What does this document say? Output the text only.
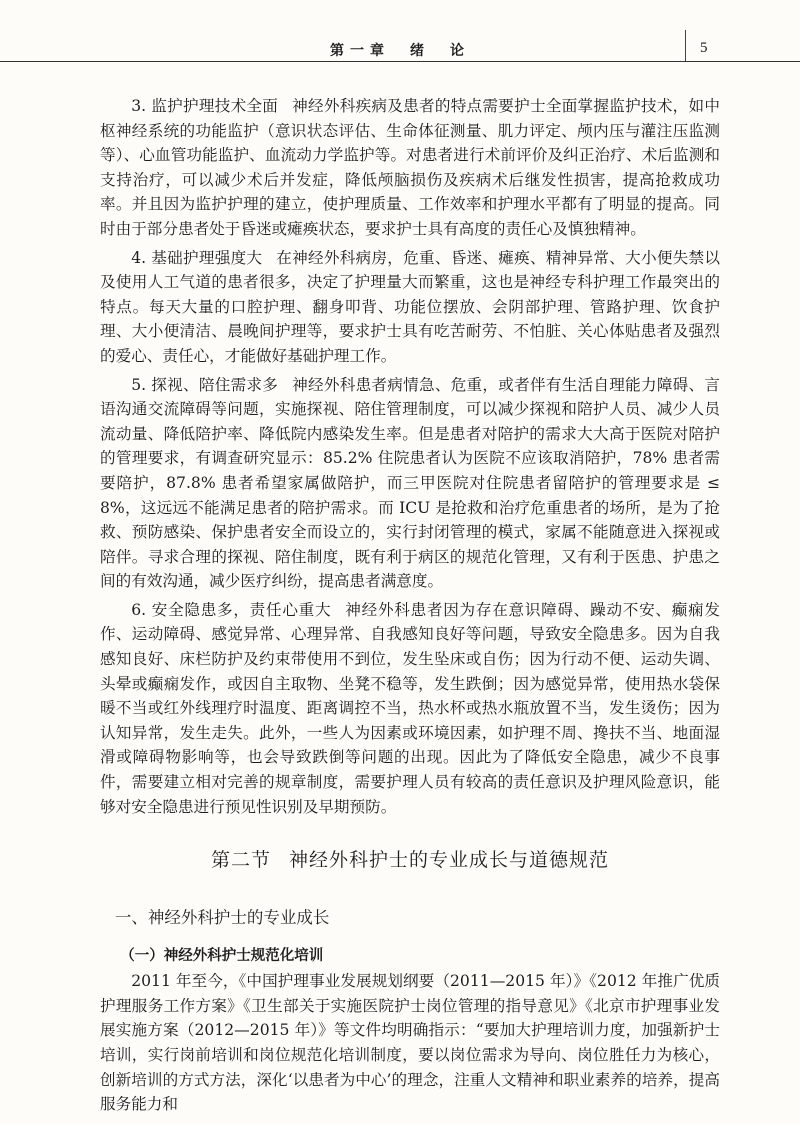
第一章　绪　论	5

3. 监护护理技术全面 神经外科疾病及患者的特点需要护士全面掌握监护技术，如中枢神经系统的功能监护（意识状态评估、生命体征测量、肌力评定、颅内压与灌注压监测等）、心血管功能监护、血流动力学监护等。对患者进行术前评价及纠正治疗、术后监测和支持治疗，可以减少术后并发症，降低颅脑损伤及疾病术后继发性损害，提高抢救成功率。并且因为监护护理的建立，使护理质量、工作效率和护理水平都有了明显的提高。同时由于部分患者处于昏迷或瘫痪状态，要求护士具有高度的责任心及慎独精神。

4. 基础护理强度大 在神经外科病房，危重、昏迷、瘫痪、精神异常、大小便失禁以及使用人工气道的患者很多，决定了护理量大而繁重，这也是神经专科护理工作最突出的特点。每天大量的口腔护理、翻身叩背、功能位摆放、会阴部护理、管路护理、饮食护理、大小便清洁、晨晚间护理等，要求护士具有吃苦耐劳、不怕脏、关心体贴患者及强烈的爱心、责任心，才能做好基础护理工作。

5. 探视、陪住需求多 神经外科患者病情急、危重，或者伴有生活自理能力障碍、言语沟通交流障碍等问题，实施探视、陪住管理制度，可以减少探视和陪护人员、减少人员流动量、降低陪护率、降低院内感染发生率。但是患者对陪护的需求大大高于医院对陪护的管理要求，有调查研究显示：85.2% 住院患者认为医院不应该取消陪护，78% 患者需要陪护，87.8% 患者希望家属做陪护，而三甲医院对住院患者留陪护的管理要求是 ≤ 8%，这远远不能满足患者的陪护需求。而 ICU 是抢救和治疗危重患者的场所，是为了抢救、预防感染、保护患者安全而设立的，实行封闭管理的模式，家属不能随意进入探视或陪伴。寻求合理的探视、陪住制度，既有利于病区的规范化管理，又有利于医患、护患之间的有效沟通，减少医疗纠纷，提高患者满意度。

6. 安全隐患多，责任心重大 神经外科患者因为存在意识障碍、躁动不安、癫痫发作、运动障碍、感觉异常、心理异常、自我感知良好等问题，导致安全隐患多。因为自我感知良好、床栏防护及约束带使用不到位，发生坠床或自伤；因为行动不便、运动失调、头晕或癫痫发作，或因自主取物、坐凳不稳等，发生跌倒；因为感觉异常，使用热水袋保暖不当或红外线理疗时温度、距离调控不当，热水杯或热水瓶放置不当，发生烫伤；因为认知异常，发生走失。此外，一些人为因素或环境因素，如护理不周、搀扶不当、地面湿滑或障碍物影响等，也会导致跌倒等问题的出现。因此为了降低安全隐患，减少不良事件，需要建立相对完善的规章制度，需要护理人员有较高的责任意识及护理风险意识，能够对安全隐患进行预见性识别及早期预防。

第二节 神经外科护士的专业成长与道德规范
一、神经外科护士的专业成长
（一）神经外科护士规范化培训

2011 年至今，《中国护理事业发展规划纲要（2011—2015 年）》《2012 年推广优质护理服务工作方案》《卫生部关于实施医院护士岗位管理的指导意见》《北京市护理事业发展实施方案（2012—2015 年）》等文件均明确指示：“要加大护理培训力度，加强新护士培训，实行岗前培训和岗位规范化培训制度，要以岗位需求为导向、岗位胜任力为核心，创新培训的方式方法，深化‘以患者为中心’的理念，注重人文精神和职业素养的培养，提高服务能力和
